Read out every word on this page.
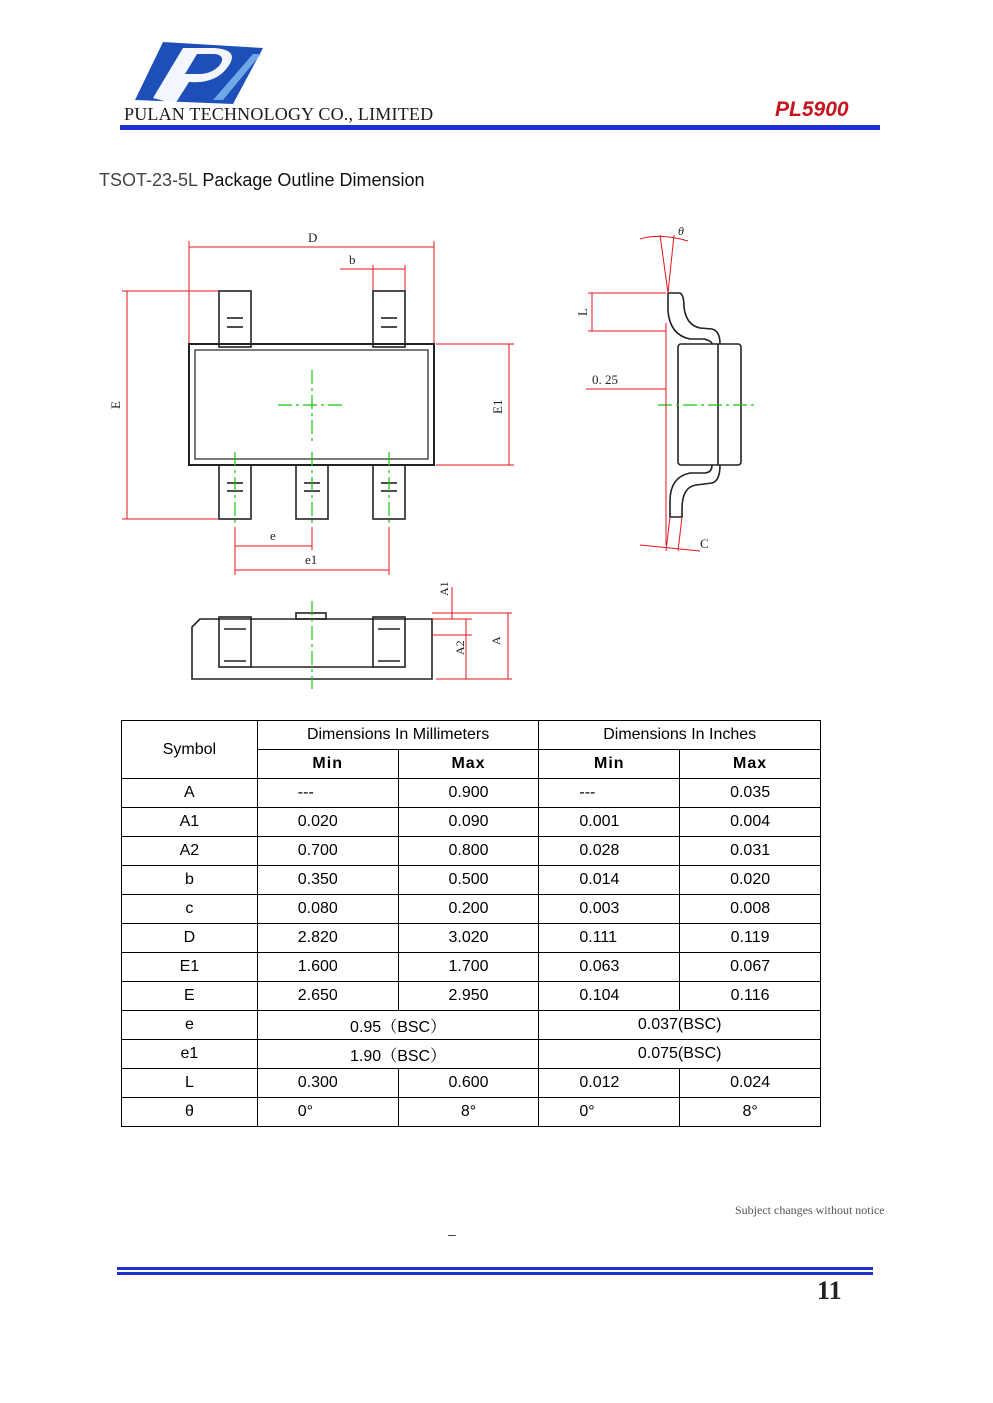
PULAN TECHNOLOGY CO., LIMITED	PL5900
TSOT-23-5L Package Outline Dimension
D
b
E	E1
e
e1
L
0. 25
θ
C
A1
A2 A
Symbol	Dimensions In Millimeters		Dimensions In Inches	
	Min	Max	Min	Max
A	---	0.900	---	0.035
A1	0.020	0.090	0.001	0.004
A2	0.700	0.800	0.028	0.031
b	0.350	0.500	0.014	0.020
c	0.080	0.200	0.003	0.008
D	2.820	3.020	0.111	0.119
E1	1.600	1.700	0.063	0.067
E	2.650	2.950	0.104	0.116
e	0.95（BSC）		0.037(BSC)	
e1	1.90（BSC）		0.075(BSC)	
L	0.300	0.600	0.012	0.024
θ	0°	8°	0°	8°
Subject changes without notice
–
11
